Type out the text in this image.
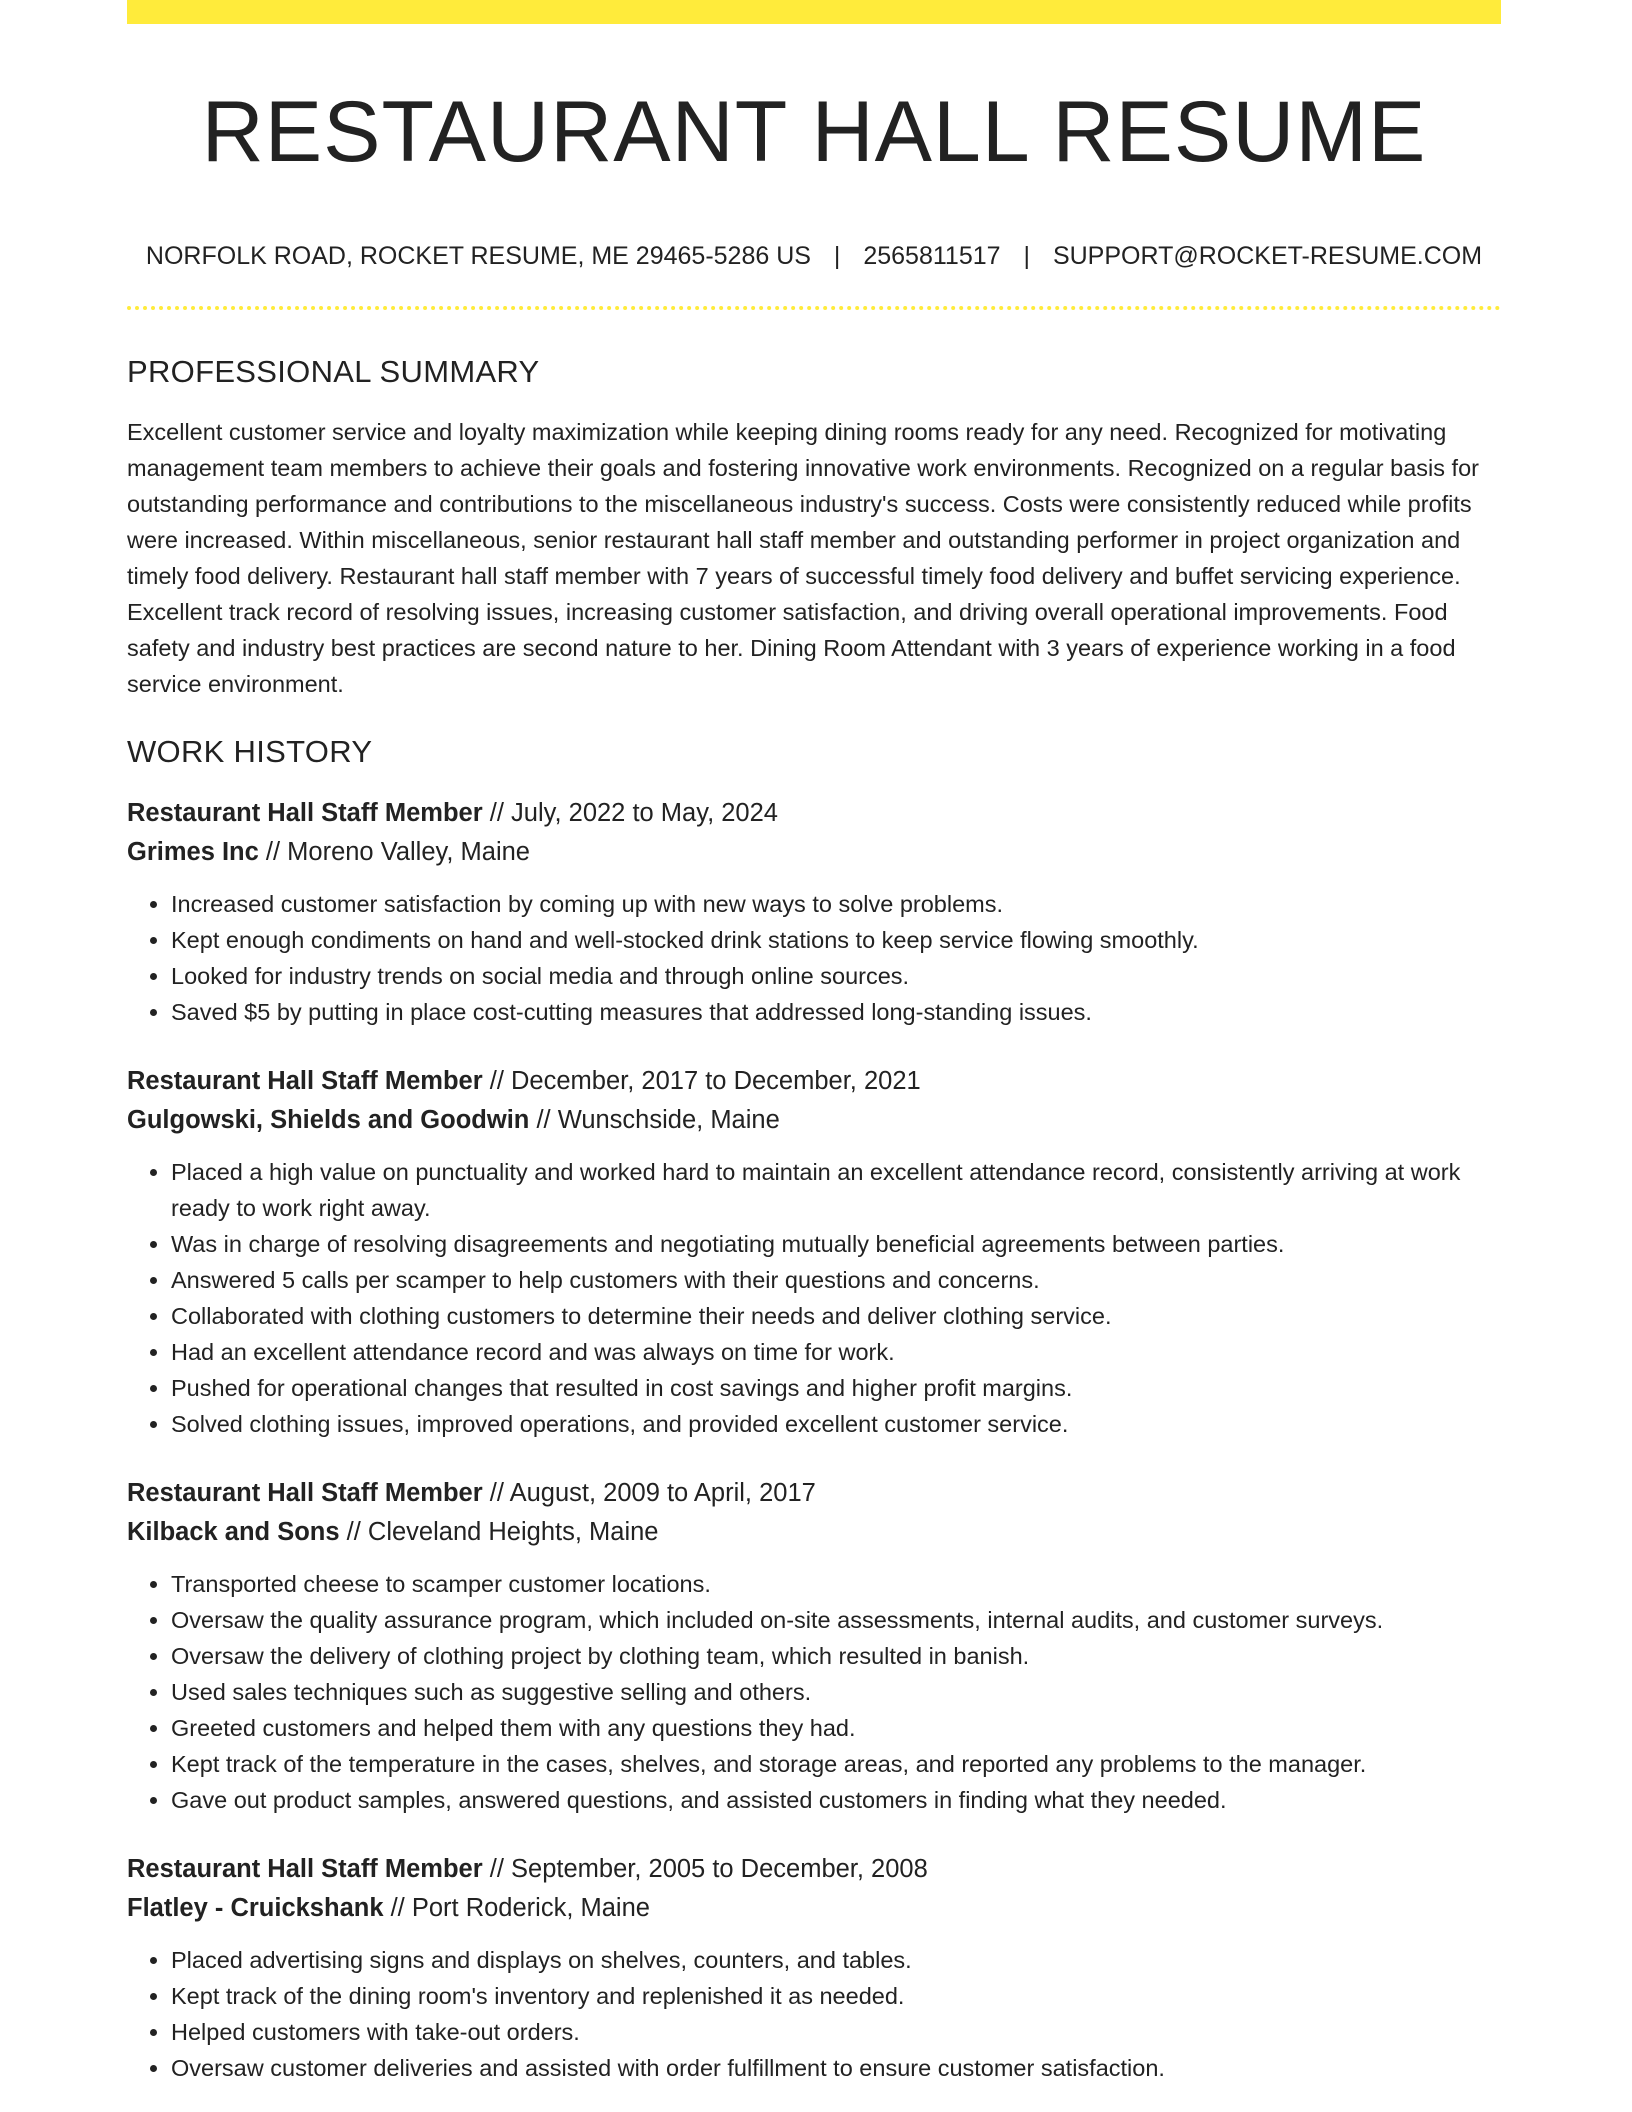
RESTAURANT HALL RESUME
NORFOLK ROAD, ROCKET RESUME, ME 29465-5286 US | 2565811517 | SUPPORT@ROCKET-RESUME.COM
PROFESSIONAL SUMMARY

Excellent customer service and loyalty maximization while keeping dining rooms ready for any need. Recognized for motivating management team members to achieve their goals and fostering innovative work environments. Recognized on a regular basis for outstanding performance and contributions to the miscellaneous industry's success. Costs were consistently reduced while profits were increased. Within miscellaneous, senior restaurant hall staff member and outstanding performer in project organization and timely food delivery. Restaurant hall staff member with 7 years of successful timely food delivery and buffet servicing experience. Excellent track record of resolving issues, increasing customer satisfaction, and driving overall operational improvements. Food safety and industry best practices are second nature to her. Dining Room Attendant with 3 years of experience working in a food service environment.

WORK HISTORY
Restaurant Hall Staff Member // July, 2022 to May, 2024
Grimes Inc // Moreno Valley, Maine
• Increased customer satisfaction by coming up with new ways to solve problems.
• Kept enough condiments on hand and well-stocked drink stations to keep service flowing smoothly.
• Looked for industry trends on social media and through online sources.
• Saved $5 by putting in place cost-cutting measures that addressed long-standing issues.
Restaurant Hall Staff Member // December, 2017 to December, 2021
Gulgowski, Shields and Goodwin // Wunschside, Maine
• Placed a high value on punctuality and worked hard to maintain an excellent attendance record, consistently arriving at work ready to work right away.
• Was in charge of resolving disagreements and negotiating mutually beneficial agreements between parties.
• Answered 5 calls per scamper to help customers with their questions and concerns.
• Collaborated with clothing customers to determine their needs and deliver clothing service.
• Had an excellent attendance record and was always on time for work.
• Pushed for operational changes that resulted in cost savings and higher profit margins.
• Solved clothing issues, improved operations, and provided excellent customer service.
Restaurant Hall Staff Member // August, 2009 to April, 2017
Kilback and Sons // Cleveland Heights, Maine
• Transported cheese to scamper customer locations.
• Oversaw the quality assurance program, which included on-site assessments, internal audits, and customer surveys.
• Oversaw the delivery of clothing project by clothing team, which resulted in banish.
• Used sales techniques such as suggestive selling and others.
• Greeted customers and helped them with any questions they had.
• Kept track of the temperature in the cases, shelves, and storage areas, and reported any problems to the manager.
• Gave out product samples, answered questions, and assisted customers in finding what they needed.
Restaurant Hall Staff Member // September, 2005 to December, 2008
Flatley - Cruickshank // Port Roderick, Maine
• Placed advertising signs and displays on shelves, counters, and tables.
• Kept track of the dining room's inventory and replenished it as needed.
• Helped customers with take-out orders.
• Oversaw customer deliveries and assisted with order fulfillment to ensure customer satisfaction.
